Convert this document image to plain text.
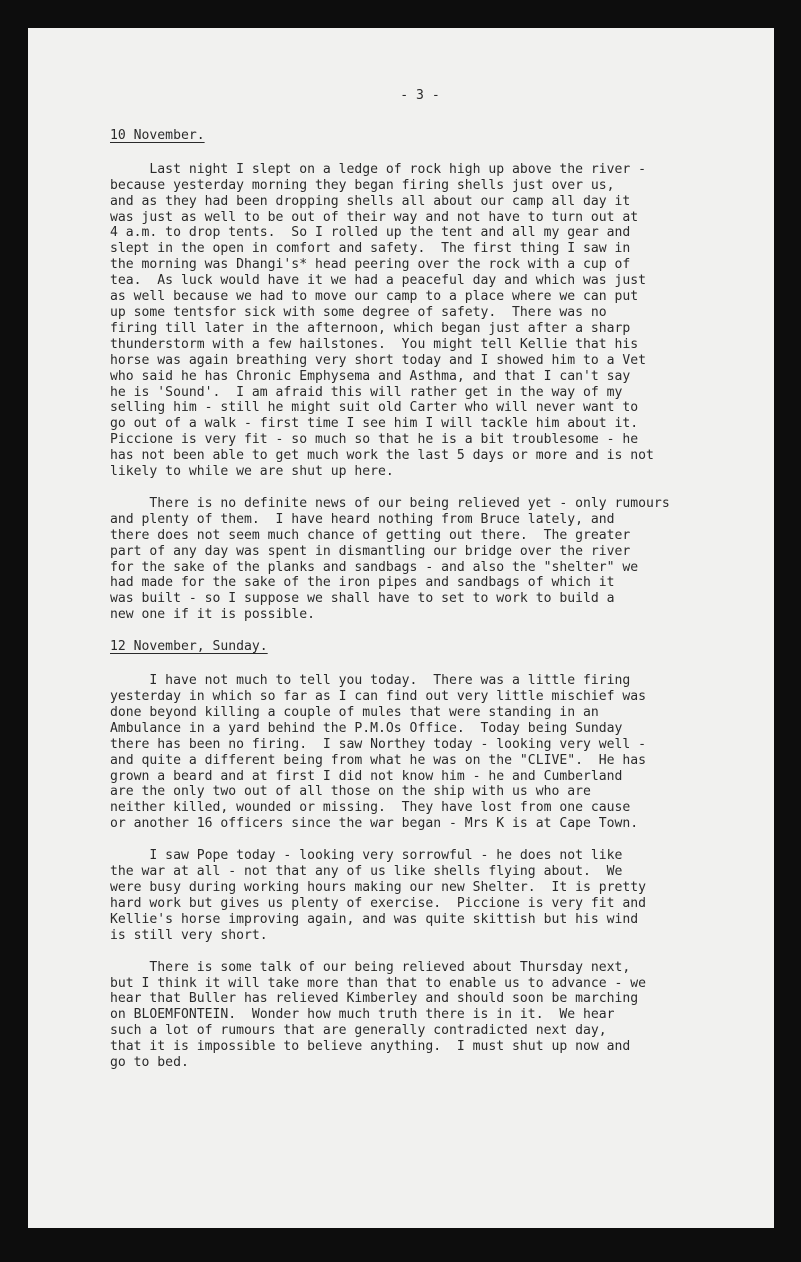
- 3 -
10 November.
Last night I slept on a ledge of rock high up above the river -
because yesterday morning they began firing shells just over us,
and as they had been dropping shells all about our camp all day it
was just as well to be out of their way and not have to turn out at
4 a.m. to drop tents.  So I rolled up the tent and all my gear and
slept in the open in comfort and safety.  The first thing I saw in
the morning was Dhangi's* head peering over the rock with a cup of
tea.  As luck would have it we had a peaceful day and which was just
as well because we had to move our camp to a place where we can put
up some tentsfor sick with some degree of safety.  There was no
firing till later in the afternoon, which began just after a sharp
thunderstorm with a few hailstones.  You might tell Kellie that his
horse was again breathing very short today and I showed him to a Vet
who said he has Chronic Emphysema and Asthma, and that I can't say
he is 'Sound'.  I am afraid this will rather get in the way of my
selling him - still he might suit old Carter who will never want to
go out of a walk - first time I see him I will tackle him about it.
Piccione is very fit - so much so that he is a bit troublesome - he
has not been able to get much work the last 5 days or more and is not
likely to while we are shut up here.
There is no definite news of our being relieved yet - only rumours
and plenty of them.  I have heard nothing from Bruce lately, and
there does not seem much chance of getting out there.  The greater
part of any day was spent in dismantling our bridge over the river
for the sake of the planks and sandbags - and also the "shelter" we
had made for the sake of the iron pipes and sandbags of which it
was built - so I suppose we shall have to set to work to build a
new one if it is possible.
12 November, Sunday.
I have not much to tell you today.  There was a little firing
yesterday in which so far as I can find out very little mischief was
done beyond killing a couple of mules that were standing in an
Ambulance in a yard behind the P.M.Os Office.  Today being Sunday
there has been no firing.  I saw Northey today - looking very well -
and quite a different being from what he was on the "CLIVE".  He has
grown a beard and at first I did not know him - he and Cumberland
are the only two out of all those on the ship with us who are
neither killed, wounded or missing.  They have lost from one cause
or another 16 officers since the war began - Mrs K is at Cape Town.
I saw Pope today - looking very sorrowful - he does not like
the war at all - not that any of us like shells flying about.  We
were busy during working hours making our new Shelter.  It is pretty
hard work but gives us plenty of exercise.  Piccione is very fit and
Kellie's horse improving again, and was quite skittish but his wind
is still very short.
There is some talk of our being relieved about Thursday next,
but I think it will take more than that to enable us to advance - we
hear that Buller has relieved Kimberley and should soon be marching
on BLOEMFONTEIN.  Wonder how much truth there is in it.  We hear
such a lot of rumours that are generally contradicted next day,
that it is impossible to believe anything.  I must shut up now and
go to bed.
